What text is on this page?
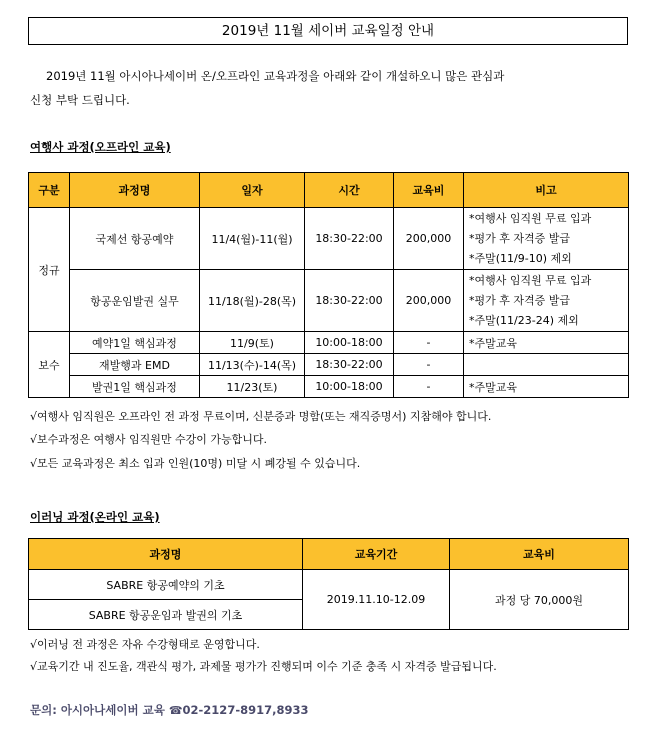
2019년 11월 세이버 교육일정 안내
2019년 11월 아시아나세이버 온/오프라인 교육과정을 아래와 같이 개설하오니 많은 관심과
신청 부탁 드립니다.
여행사 과정(오프라인 교육)
구분	과정명	일자	시간	교육비	비고
정규	국제선 항공예약	11/4(월)-11(월)	18:30-22:00	200,000	*여행사 임직원 무료 입과
*평가 후 자격증 발급
*주말(11/9-10) 제외

	항공운임발권 실무	11/18(월)-28(목)	18:30-22:00	200,000	*여행사 임직원 무료 입과
*평가 후 자격증 발급
*주말(11/23-24) 제외

보수	예약1일 핵심과정	11/9(토)	10:00-18:00	-	*주말교육
	재발행과 EMD	11/13(수)-14(목)	18:30-22:00	-	
	발권1일 핵심과정	11/23(토)	10:00-18:00	-	*주말교육
√여행사 임직원은 오프라인 전 과정 무료이며, 신분증과 명함(또는 재직증명서) 지참해야 합니다.
√보수과정은 여행사 임직원만 수강이 가능합니다.
√모든 교육과정은 최소 입과 인원(10명) 미달 시 폐강될 수 있습니다.
이러닝 과정(온라인 교육)
과정명	교육기간	교육비
SABRE 항공예약의 기초	2019.11.10-12.09	과정 당 70,000원
SABRE 항공운임과 발권의 기초		
√이러닝 전 과정은 자유 수강형태로 운영합니다.
√교육기간 내 진도율, 객관식 평가, 과제물 평가가 진행되며 이수 기준 충족 시 자격증 발급됩니다.
문의: 아시아나세이버 교육 ☎02-2127-8917,8933
